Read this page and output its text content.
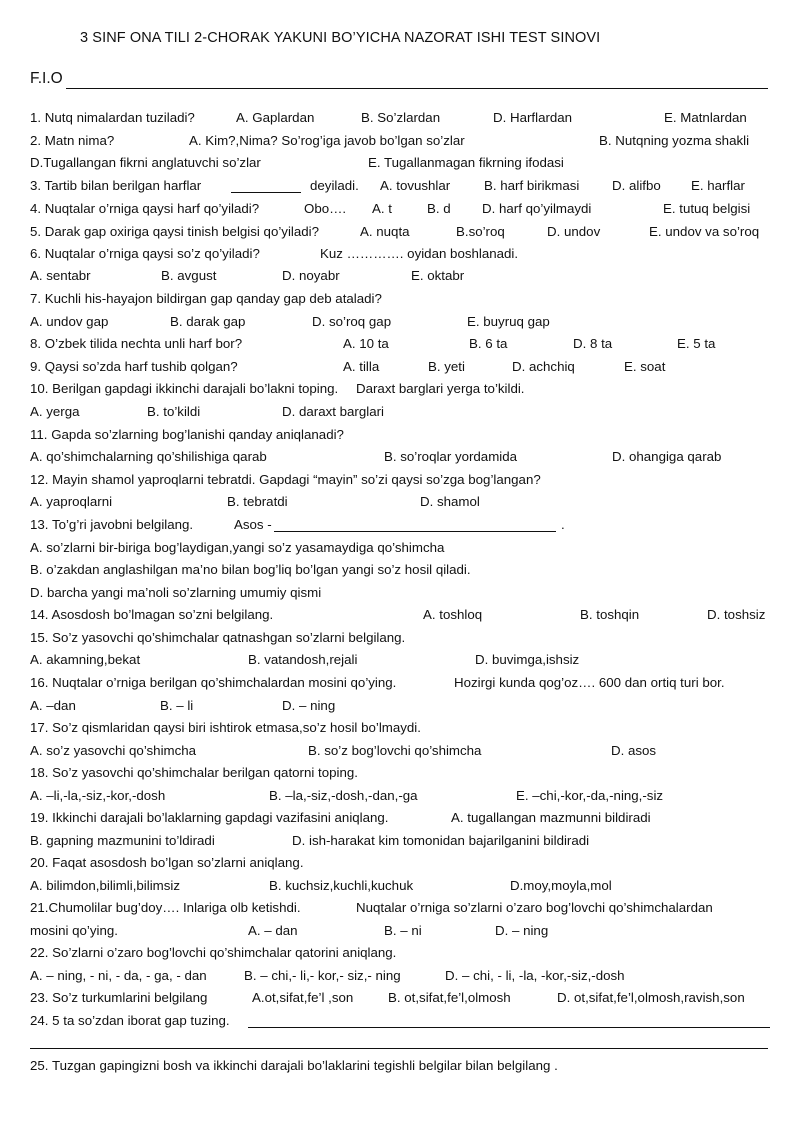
3 SINF ONA TILI 2-CHORAK YAKUNI BO’YICHA NAZORAT ISHI TEST SINOVI
F.I.O
1. Nutq nimalardan tuziladi?	A. Gaplardan	B. So’zlardan	D. Harflardan	E. Matnlardan
2. Matn nima?	A. Kim?,Nima? So’rog’iga javob bo’lgan so’zlar	B. Nutqning yozma shakli
D.Tugallangan fikrni anglatuvchi so’zlar	E. Tugallanmagan fikrning ifodasi
3. Tartib bilan berilgan harflar	deyiladi. A. tovushlar	B. harf birikmasi D. alifbo E. harflar
4. Nuqtalar o’rniga qaysi harf qo’yiladi?	Obo…. A. t	B. d D. harf qo’yilmaydi	E. tutuq belgisi
5. Darak gap oxiriga qaysi tinish belgisi qo’yiladi?	A. nuqta	B.so’roq	D. undov	E. undov va so’roq
6. Nuqtalar o’rniga qaysi so’z qo’yiladi?	Kuz …………. oyidan boshlanadi.
A. sentabr	B. avgust	D. noyabr	E. oktabr
7. Kuchli his-hayajon bildirgan gap qanday gap deb ataladi?
A. undov gap	B. darak gap	D. so’roq gap	E. buyruq gap
8. O’zbek tilida nechta unli harf bor?	A. 10 ta	B. 6 ta	D. 8 ta	E. 5 ta
9. Qaysi so’zda harf tushib qolgan?	A. tilla	B. yeti	D. achchiq	E. soat
10. Berilgan gapdagi ikkinchi darajali bo’lakni toping. Daraxt barglari yerga to’kildi.
A. yerga	B. to’kildi	D. daraxt barglari
11. Gapda so’zlarning bog’lanishi qanday aniqlanadi?
A. qo’shimchalarning qo’shilishiga qarab	B. so’roqlar yordamida	D. ohangiga qarab
12. Mayin shamol yaproqlarni tebratdi. Gapdagi “mayin” so’zi qaysi so’zga bog’langan?
A. yaproqlarni	B. tebratdi	D. shamol
13. To’g’ri javobni belgilang.	Asos -	.
A. so’zlarni bir-biriga bog’laydigan,yangi so’z yasamaydiga qo’shimcha
B. o’zakdan anglashilgan ma’no bilan bog’liq bo’lgan yangi so’z hosil qiladi.
D. barcha yangi ma’noli so’zlarning umumiy qismi
14. Asosdosh bo’lmagan so’zni belgilang.	A. toshloq	B. toshqin	D. toshsiz
15. So’z yasovchi qo’shimchalar qatnashgan so’zlarni belgilang.
A. akamning,bekat	B. vatandosh,rejali	D. buvimga,ishsiz
16. Nuqtalar o’rniga berilgan qo’shimchalardan mosini qo’ying.	Hozirgi kunda qog’oz…. 600 dan ortiq turi bor.
A. –dan	B. – li	D. – ning
17. So’z qismlaridan qaysi biri ishtirok etmasa,so’z hosil bo’lmaydi.
A. so’z yasovchi qo’shimcha	B. so’z bog’lovchi qo’shimcha	D. asos
18. So’z yasovchi qo’shimchalar berilgan qatorni toping.
A. –li,-la,-siz,-kor,-dosh	B. –la,-siz,-dosh,-dan,-ga	E. –chi,-kor,-da,-ning,-siz
19. Ikkinchi darajali bo’laklarning gapdagi vazifasini aniqlang.	A. tugallangan mazmunni bildiradi
B. gapning mazmunini to’ldiradi	D. ish-harakat kim tomonidan bajarilganini bildiradi
20. Faqat asosdosh bo’lgan so’zlarni aniqlang.
A. bilimdon,bilimli,bilimsiz	B. kuchsiz,kuchli,kuchuk	D.moy,moyla,mol
21.Chumolilar bug’doy…. Inlariga olb ketishdi.	Nuqtalar o’rniga so’zlarni o’zaro bog’lovchi qo’shimchalardan
mosini qo’ying.	A. – dan	B. – ni	D. – ning
22. So’zlarni o’zaro bog’lovchi qo’shimchalar qatorini aniqlang.
A. – ning, - ni, - da, - ga, - dan	B. – chi,- li,- kor,- siz,- ning	D. – chi, - li, -la, -kor,-siz,-dosh
23. So’z turkumlarini belgilang	A.ot,sifat,fe’l ,son	B. ot,sifat,fe’l,olmosh	D. ot,sifat,fe’l,olmosh,ravish,son
24. 5 ta so’zdan iborat gap tuzing.
25. Tuzgan gapingizni bosh va ikkinchi darajali bo’laklarini tegishli belgilar bilan belgilang .
